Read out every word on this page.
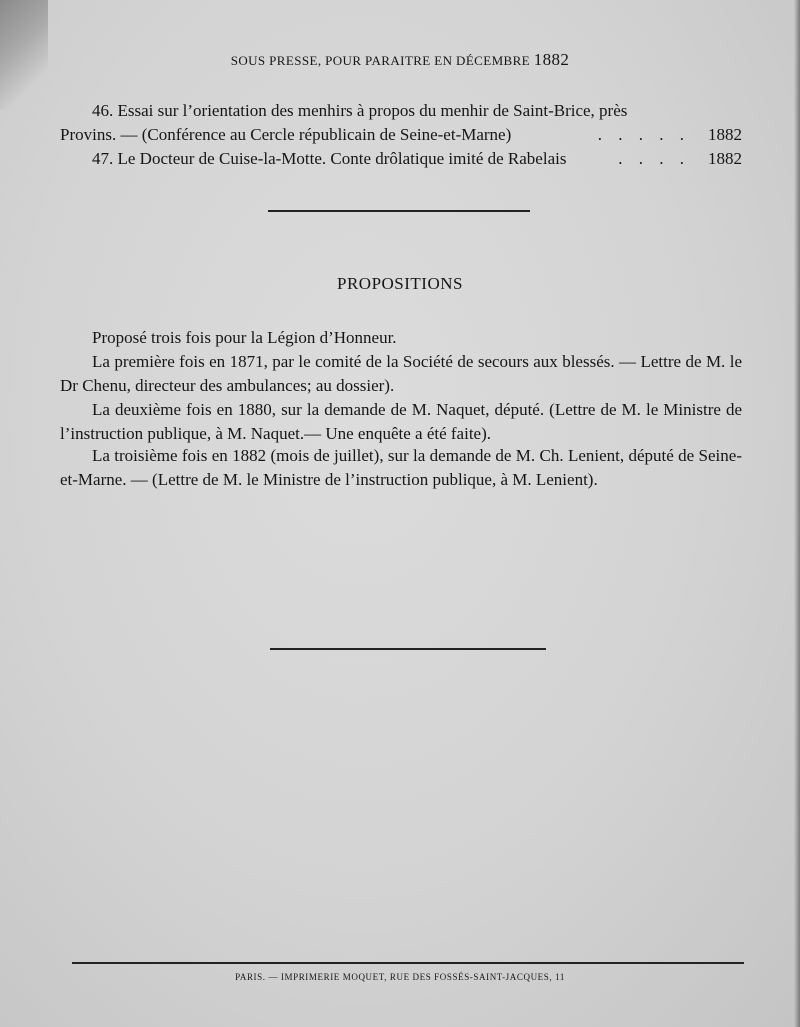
SOUS PRESSE, POUR PARAITRE EN DÉCEMBRE 1882
46. Essai sur l’orientation des menhirs à propos du menhir de Saint-Brice, près
Provins. — (Conférence au Cercle républicain de Seine-et-Marne)	. . . . .	1882
47. Le Docteur de Cuise-la-Motte. Conte drôlatique imité de Rabelais	. . . .	1882
PROPOSITIONS
Proposé trois fois pour la Légion d’Honneur.
La première fois en 1871, par le comité de la Société de secours aux blessés. — Lettre de M. le Dr Chenu, directeur des ambulances; au dossier).
La deuxième fois en 1880, sur la demande de M. Naquet, député. (Lettre de M. le Ministre de l’instruction publique, à M. Naquet.— Une enquête a été faite).
La troisième fois en 1882 (mois de juillet), sur la demande de M. Ch. Lenient, député de Seine-et-Marne. — (Lettre de M. le Ministre de l’instruction publique, à M. Lenient).
PARIS. — IMPRIMERIE MOQUET, RUE DES FOSSÉS-SAINT-JACQUES, 11
